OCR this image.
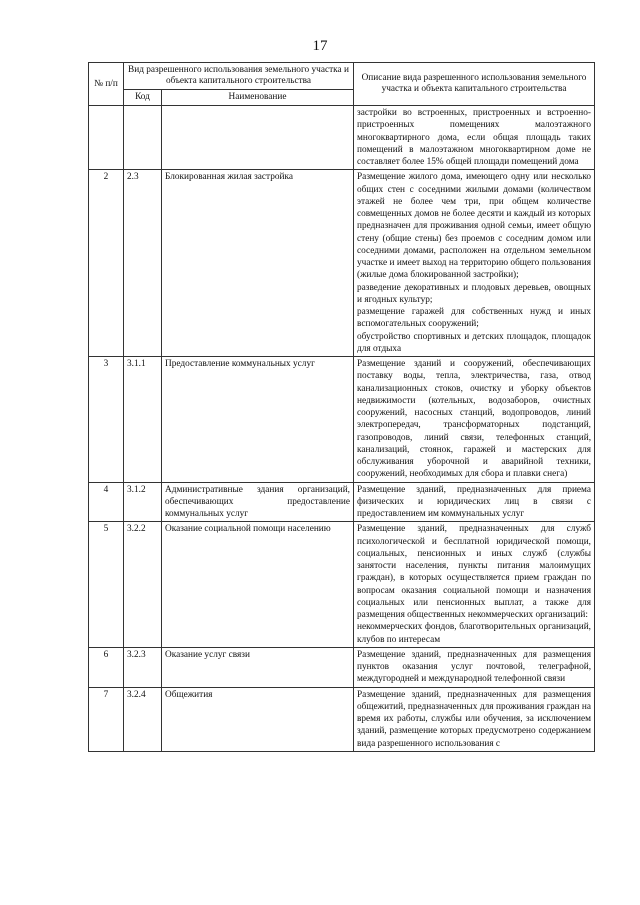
17
№ п/п	Вид разрешенного использования земельного участка и объекта капитального строительства		Описание вида разрешенного использования земельного участка и объекта капитального строительства
	Код	Наименование	
			застройки во встроенных, пристроенных и встроенно-пристроенных помещениях малоэтажного многоквартирного дома, если общая площадь таких помещений в малоэтажном многоквартирном доме не составляет более 15% общей площади помещений дома
2	2.3	Блокированная жилая застройка	Размещение жилого дома, имеющего одну или несколько общих стен с соседними жилыми домами (количеством этажей не более чем три, при общем количестве совмещенных домов не более десяти и каждый из которых предназначен для проживания одной семьи, имеет общую стену (общие стены) без проемов с соседним домом или соседними домами, расположен на отдельном земельном участке и имеет выход на территорию общего пользования (жилые дома блокированной застройки);

разведение декоративных и плодовых деревьев, овощных и ягодных культур;

размещение гаражей для собственных нужд и иных вспомогательных сооружений;

обустройство спортивных и детских площадок, площадок для отдыха

3	3.1.1	Предоставление коммунальных услуг	Размещение зданий и сооружений, обеспечивающих поставку воды, тепла, электричества, газа, отвод канализационных стоков, очистку и уборку объектов недвижимости (котельных, водозаборов, очистных сооружений, насосных станций, водопроводов, линий электропередач, трансформаторных подстанций, газопроводов, линий связи, телефонных станций, канализаций, стоянок, гаражей и мастерских для обслуживания уборочной и аварийной техники, сооружений, необходимых для сбора и плавки снега)

4	3.1.2	Административные здания организаций, обеспечивающих предоставление коммунальных услуг	Размещение зданий, предназначенных для приема физических и юридических лиц в связи с предоставлением им коммунальных услуг

5	3.2.2	Оказание социальной помощи населению	Размещение зданий, предназначенных для служб психологической и бесплатной юридической помощи, социальных, пенсионных и иных служб (службы занятости населения, пункты питания малоимущих граждан), в которых осуществляется прием граждан по вопросам оказания социальной помощи и назначения социальных или пенсионных выплат, а также для размещения общественных некоммерческих организаций:

некоммерческих фондов, благотворительных организаций, клубов по интересам

6	3.2.3	Оказание услуг связи	Размещение зданий, предназначенных для размещения пунктов оказания услуг почтовой, телеграфной, междугородней и международной телефонной связи

7	3.2.4	Общежития	Размещение зданий, предназначенных для размещения общежитий, предназначенных для проживания граждан на время их работы, службы или обучения, за исключением зданий, размещение которых предусмотрено содержанием вида разрешенного использования с
